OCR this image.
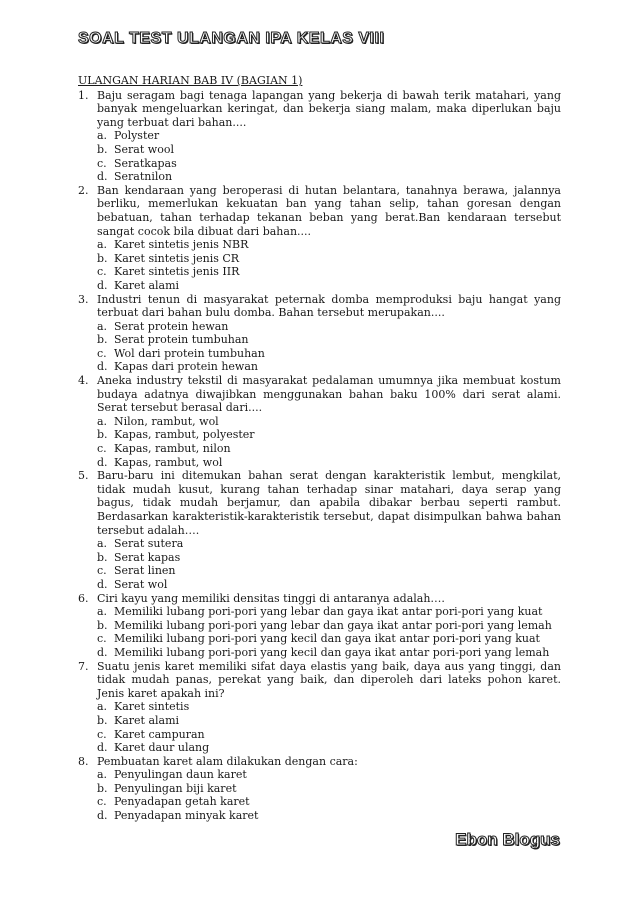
SOAL TEST ULANGAN IPA KELAS VIII
ULANGAN HARIAN BAB IV (BAGIAN 1)
1. Baju seragam bagi tenaga lapangan yang bekerja di bawah terik matahari, yang banyak mengeluarkan keringat, dan bekerja siang malam, maka diperlukan baju yang terbuat dari bahan....
a. Polyster
b. Serat wool
c. Seratkapas
d. Seratnilon
2. Ban kendaraan yang beroperasi di hutan belantara, tanahnya berawa, jalannya berliku, memerlukan kekuatan ban yang tahan selip, tahan goresan dengan bebatuan, tahan terhadap tekanan beban yang berat.Ban kendaraan tersebut sangat cocok bila dibuat dari bahan....
a. Karet sintetis jenis NBR
b. Karet sintetis jenis CR
c. Karet sintetis jenis IIR
d. Karet alami
3. Industri tenun di masyarakat peternak domba memproduksi baju hangat yang terbuat dari bahan bulu domba. Bahan tersebut merupakan....
a. Serat protein hewan
b. Serat protein tumbuhan
c. Wol dari protein tumbuhan
d. Kapas dari protein hewan
4. Aneka industry tekstil di masyarakat pedalaman umumnya jika membuat kostum budaya adatnya diwajibkan menggunakan bahan baku 100% dari serat alami. Serat tersebut berasal dari....
a. Nilon, rambut, wol
b. Kapas, rambut, polyester
c. Kapas, rambut, nilon
d. Kapas, rambut, wol
5. Baru-baru ini ditemukan bahan serat dengan karakteristik lembut, mengkilat, tidak mudah kusut, kurang tahan terhadap sinar matahari, daya serap yang bagus, tidak mudah berjamur, dan apabila dibakar berbau seperti rambut. Berdasarkan karakteristik-karakteristik tersebut, dapat disimpulkan bahwa bahan tersebut adalah….
a. Serat sutera
b. Serat kapas
c. Serat linen
d. Serat wol
6. Ciri kayu yang memiliki densitas tinggi di antaranya adalah….
a. Memiliki lubang pori-pori yang lebar dan gaya ikat antar pori-pori yang kuat
b. Memiliki lubang pori-pori yang lebar dan gaya ikat antar pori-pori yang lemah
c. Memiliki lubang pori-pori yang kecil dan gaya ikat antar pori-pori yang kuat
d. Memiliki lubang pori-pori yang kecil dan gaya ikat antar pori-pori yang lemah
7. Suatu jenis karet memiliki sifat daya elastis yang baik, daya aus yang tinggi, dan tidak mudah panas, perekat yang baik, dan diperoleh dari lateks pohon karet. Jenis karet apakah ini?
a. Karet sintetis
b. Karet alami
c. Karet campuran
d. Karet daur ulang
8. Pembuatan karet alam dilakukan dengan cara:
a. Penyulingan daun karet
b. Penyulingan biji karet
c. Penyadapan getah karet
d. Penyadapan minyak karet
Ebon Blogus
